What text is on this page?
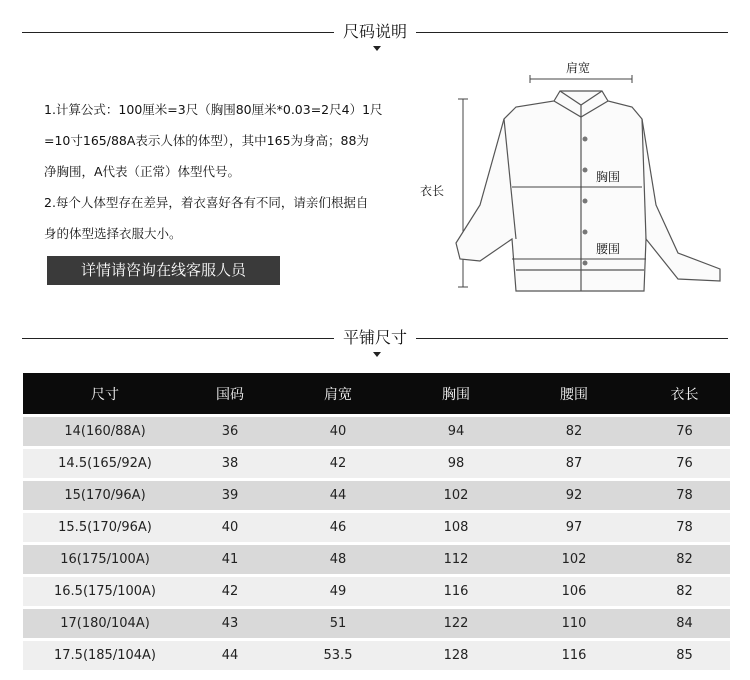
尺码说明

1.计算公式：100厘米=3尺（胸围80厘米*0.03=2尺4）1尺

=10寸165/88A表示人体的体型），其中165为身高；88为

净胸围，A代表（正常）体型代号。

2.每个人体型存在差异，着衣喜好各有不同，请亲们根据自

身的体型选择衣服大小。

详情请咨询在线客服人员
肩宽
衣长
胸围
腰围
平铺尺寸
尺寸	国码	肩宽	胸围	腰围	衣长
14(160/88A)	36	40	94	82	76
14.5(165/92A)	38	42	98	87	76
15(170/96A)	39	44	102	92	78
15.5(170/96A)	40	46	108	97	78
16(175/100A)	41	48	112	102	82
16.5(175/100A)	42	49	116	106	82
17(180/104A)	43	51	122	110	84
17.5(185/104A)	44	53.5	128	116	85
